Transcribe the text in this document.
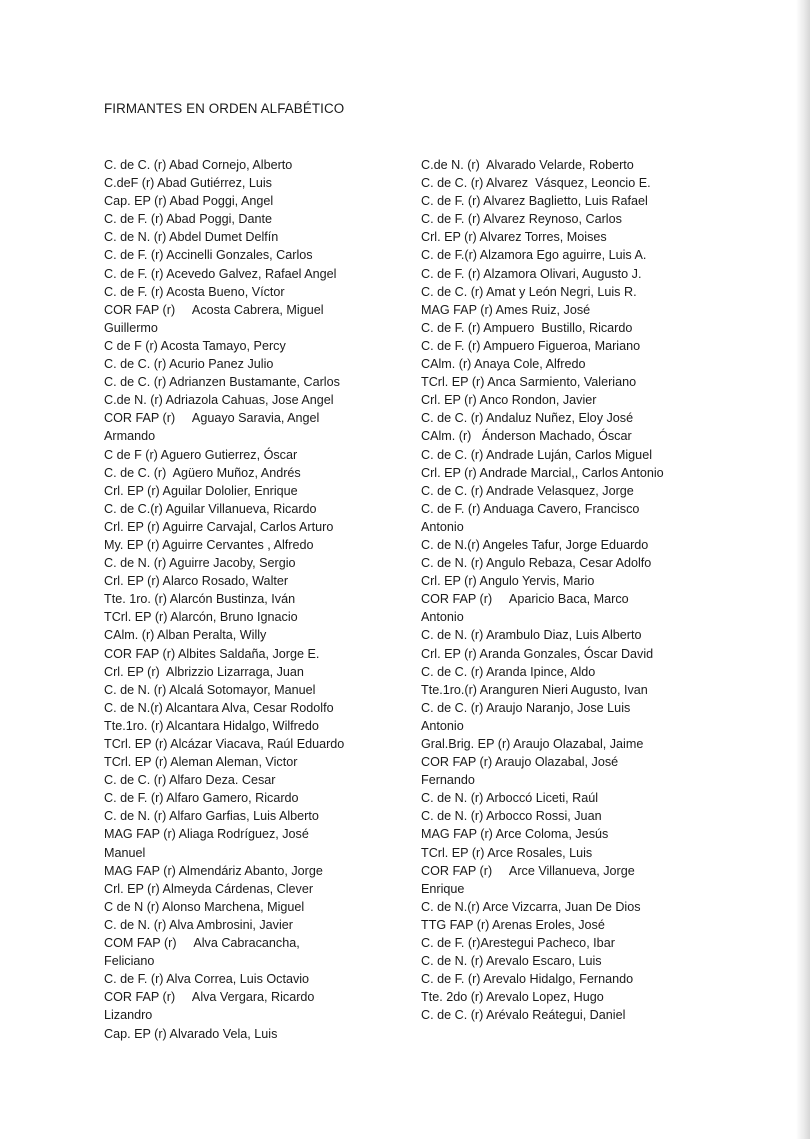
FIRMANTES EN ORDEN ALFABÉTICO
C. de C. (r) Abad Cornejo, Alberto
C.deF (r) Abad Gutiérrez, Luis
Cap. EP (r) Abad Poggi, Angel
C. de F. (r) Abad Poggi, Dante
C. de N. (r) Abdel Dumet Delfín
C. de F. (r) Accinelli Gonzales, Carlos
C. de F. (r) Acevedo Galvez, Rafael Angel
C. de F. (r) Acosta Bueno, Víctor
COR FAP (r)     Acosta Cabrera, Miguel
Guillermo
C de F (r) Acosta Tamayo, Percy
C. de C. (r) Acurio Panez Julio
C. de C. (r) Adrianzen Bustamante, Carlos
C.de N. (r) Adriazola Cahuas, Jose Angel
COR FAP (r)     Aguayo Saravia, Angel
Armando
C de F (r) Aguero Gutierrez, Óscar
C. de C. (r)  Agüero Muñoz, Andrés
Crl. EP (r) Aguilar Dololier, Enrique
C. de C.(r) Aguilar Villanueva, Ricardo
Crl. EP (r) Aguirre Carvajal, Carlos Arturo
My. EP (r) Aguirre Cervantes , Alfredo
C. de N. (r) Aguirre Jacoby, Sergio
Crl. EP (r) Alarco Rosado, Walter
Tte. 1ro. (r) Alarcón Bustinza, Iván
TCrl. EP (r) Alarcón, Bruno Ignacio
CAlm. (r) Alban Peralta, Willy
COR FAP (r) Albites Saldaña, Jorge E.
Crl. EP (r)  Albrizzio Lizarraga, Juan
C. de N. (r) Alcalá Sotomayor, Manuel
C. de N.(r) Alcantara Alva, Cesar Rodolfo
Tte.1ro. (r) Alcantara Hidalgo, Wilfredo
TCrl. EP (r) Alcázar Viacava, Raúl Eduardo
TCrl. EP (r) Aleman Aleman, Victor
C. de C. (r) Alfaro Deza. Cesar
C. de F. (r) Alfaro Gamero, Ricardo
C. de N. (r) Alfaro Garfias, Luis Alberto
MAG FAP (r) Aliaga Rodríguez, José
Manuel
MAG FAP (r) Almendáriz Abanto, Jorge
Crl. EP (r) Almeyda Cárdenas, Clever
C de N (r) Alonso Marchena, Miguel
C. de N. (r) Alva Ambrosini, Javier
COM FAP (r)     Alva Cabracancha,
Feliciano
C. de F. (r) Alva Correa, Luis Octavio
COR FAP (r)     Alva Vergara, Ricardo
Lizandro
Cap. EP (r) Alvarado Vela, Luis
C.de N. (r)  Alvarado Velarde, Roberto
C. de C. (r) Alvarez  Vásquez, Leoncio E.
C. de F. (r) Alvarez Baglietto, Luis Rafael
C. de F. (r) Alvarez Reynoso, Carlos
Crl. EP (r) Alvarez Torres, Moises
C. de F.(r) Alzamora Ego aguirre, Luis A.
C. de F. (r) Alzamora Olivari, Augusto J.
C. de C. (r) Amat y León Negri, Luis R.
MAG FAP (r) Ames Ruiz, José
C. de F. (r) Ampuero  Bustillo, Ricardo
C. de F. (r) Ampuero Figueroa, Mariano
CAlm. (r) Anaya Cole, Alfredo
TCrl. EP (r) Anca Sarmiento, Valeriano
Crl. EP (r) Anco Rondon, Javier
C. de C. (r) Andaluz Nuñez, Eloy José
CAlm. (r)   Ánderson Machado, Óscar
C. de C. (r) Andrade Luján, Carlos Miguel
Crl. EP (r) Andrade Marcial,, Carlos Antonio
C. de C. (r) Andrade Velasquez, Jorge
C. de F. (r) Anduaga Cavero, Francisco
Antonio
C. de N.(r) Angeles Tafur, Jorge Eduardo
C. de N. (r) Angulo Rebaza, Cesar Adolfo
Crl. EP (r) Angulo Yervis, Mario
COR FAP (r)     Aparicio Baca, Marco
Antonio
C. de N. (r) Arambulo Diaz, Luis Alberto
Crl. EP (r) Aranda Gonzales, Óscar David
C. de C. (r) Aranda Ipince, Aldo
Tte.1ro.(r) Aranguren Nieri Augusto, Ivan
C. de C. (r) Araujo Naranjo, Jose Luis
Antonio
Gral.Brig. EP (r) Araujo Olazabal, Jaime
COR FAP (r) Araujo Olazabal, José
Fernando
C. de N. (r) Arboccó Liceti, Raúl
C. de N. (r) Arbocco Rossi, Juan
MAG FAP (r) Arce Coloma, Jesús
TCrl. EP (r) Arce Rosales, Luis
COR FAP (r)     Arce Villanueva, Jorge
Enrique
C. de N.(r) Arce Vizcarra, Juan De Dios
TTG FAP (r) Arenas Eroles, José
C. de F. (r)Arestegui Pacheco, Ibar
C. de N. (r) Arevalo Escaro, Luis
C. de F. (r) Arevalo Hidalgo, Fernando
Tte. 2do (r) Arevalo Lopez, Hugo
C. de C. (r) Arévalo Reátegui, Daniel
